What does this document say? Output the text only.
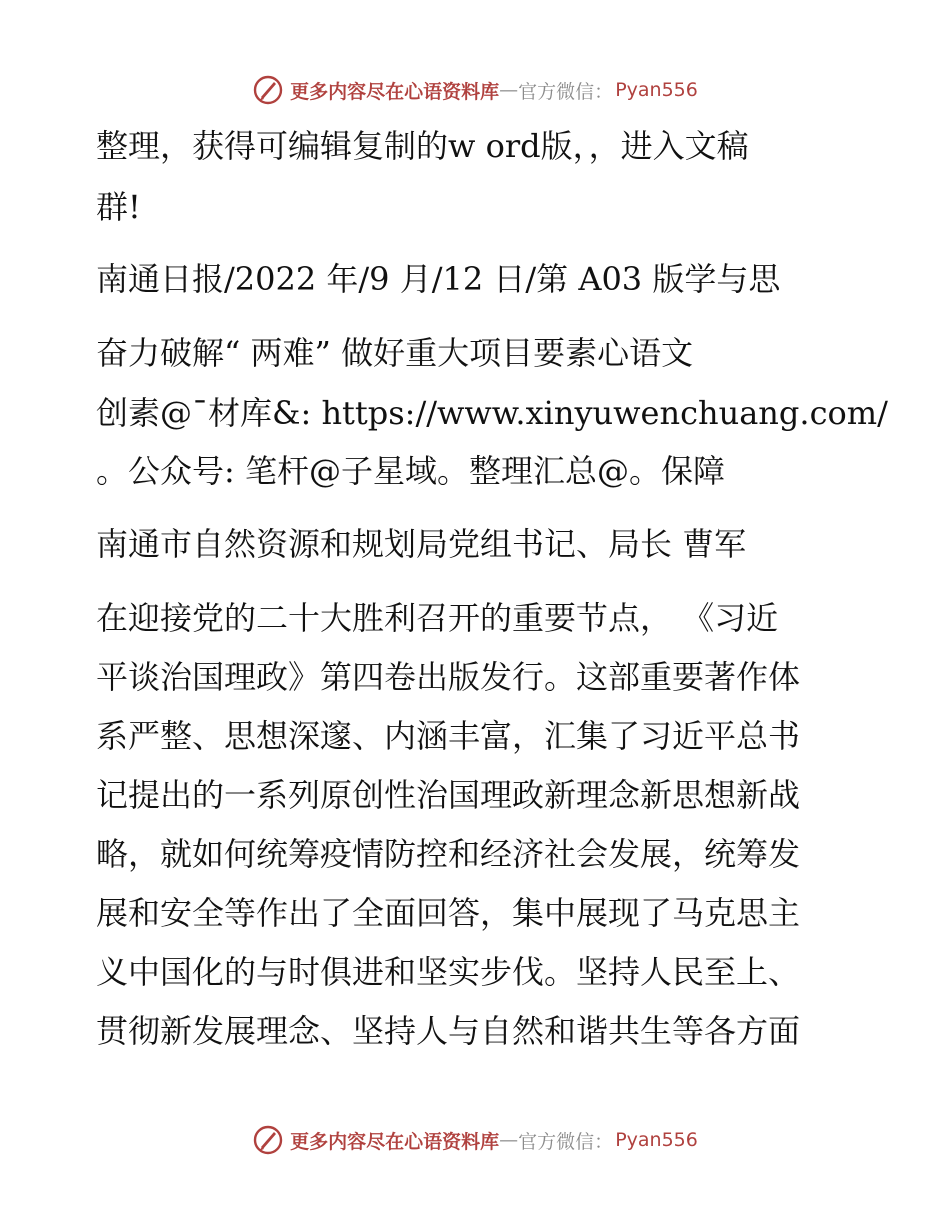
更多内容尽在心语资料库 — 官方微信： Pyan556
整理，获得可编辑复制的w ord版，，进入文稿
群!
南通日报/2022 年/9 月/12 日/第 A03 版学与思
奋力破解“ 两难” 做好重大项目要素心语文
创素@¯材库&: https://www.xinyuwenchuang.com/
。公众号: 笔杆@子星域。整理汇总@。保障
南通市自然资源和规划局党组书记、局长 曹军
在迎接党的二十大胜利召开的重要节点， 《习近
平谈治国理政》第四卷出版发行。这部重要著作体
系严整、思想深邃、内涵丰富，汇集了习近平总书
记提出的一系列原创性治国理政新理念新思想新战
略，就如何统筹疫情防控和经济社会发展，统筹发
展和安全等作出了全面回答，集中展现了马克思主
义中国化的与时俱进和坚实步伐。坚持人民至上、
贯彻新发展理念、坚持人与自然和谐共生等各方面
更多内容尽在心语资料库 — 官方微信： Pyan556
